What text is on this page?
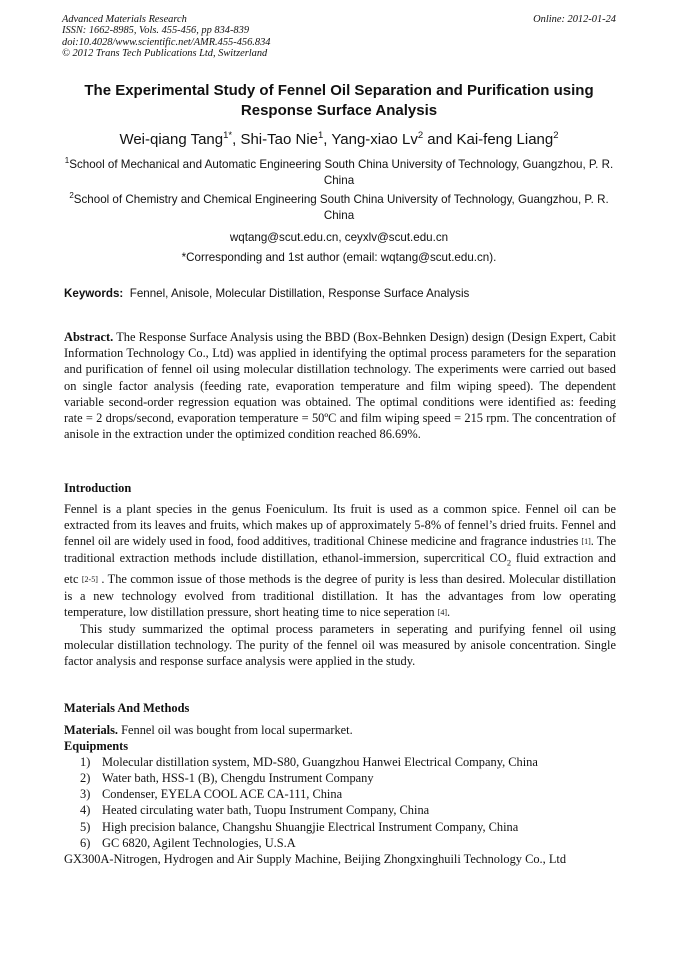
Advanced Materials Research
ISSN: 1662-8985, Vols. 455-456, pp 834-839
doi:10.4028/www.scientific.net/AMR.455-456.834
© 2012 Trans Tech Publications Ltd, Switzerland
Online: 2012-01-24
The Experimental Study of Fennel Oil Separation and Purification using Response Surface Analysis
Wei-qiang Tang$^{1*}$, Shi-Tao Nie$^1$, Yang-xiao Lv$^2$ and Kai-feng Liang$^2$
$^1$School of Mechanical and Automatic Engineering South China University of Technology, Guangzhou, P. R. China
$^2$School of Chemistry and Chemical Engineering South China University of Technology, Guangzhou, P. R. China
wqtang@scut.edu.cn, ceyxlv@scut.edu.cn
*Corresponding and 1st author (email: wqtang@scut.edu.cn).
Keywords: Fennel, Anisole, Molecular Distillation, Response Surface Analysis
Abstract. The Response Surface Analysis using the BBD (Box-Behnken Design) design (Design Expert, Cabit Information Technology Co., Ltd) was applied in identifying the optimal process parameters for the separation and purification of fennel oil using molecular distillation technology. The experiments were carried out based on single factor analysis (feeding rate, evaporation temperature and film wiping speed). The dependent variable second-order regression equation was obtained. The optimal conditions were identified as: feeding rate = 2 drops/second, evaporation temperature = 50ºC and film wiping speed = 215 rpm. The concentration of anisole in the extraction under the optimized condition reached 86.69%.
Introduction

Fennel is a plant species in the genus Foeniculum. Its fruit is used as a common spice. Fennel oil can be extracted from its leaves and fruits, which makes up of approximately 5-8% of fennel’s dried fruits. Fennel and fennel oil are widely used in food, food additives, traditional Chinese medicine and fragrance industries [1]. The traditional extraction methods include distillation, ethanol-immersion, supercritical $CO_2$ fluid extraction and etc [2-5] . The common issue of those methods is the degree of purity is less than desired. Molecular distillation is a new technology evolved from traditional distillation. It has the advantages from low operating temperature, low distillation pressure, short heating time to nice seperation [4].

This study summarized the optimal process parameters in seperating and purifying fennel oil using molecular distillation technology. The purity of the fennel oil was measured by anisole concentration. Single factor analysis and response surface analysis were applied in the study.

Materials And Methods
Materials. Fennel oil was bought from local supermarket.
Equipments
1) Molecular distillation system, MD-S80, Guangzhou Hanwei Electrical Company, China
2) Water bath, HSS-1 (B), Chengdu Instrument Company
3) Condenser, EYELA COOL ACE CA-111, China
4) Heated circulating water bath, Tuopu Instrument Company, China
5) High precision balance, Changshu Shuangjie Electrical Instrument Company, China
6) GC 6820, Agilent Technologies, U.S.A
GX300A-Nitrogen, Hydrogen and Air Supply Machine, Beijing Zhongxinghuili Technology Co., Ltd
